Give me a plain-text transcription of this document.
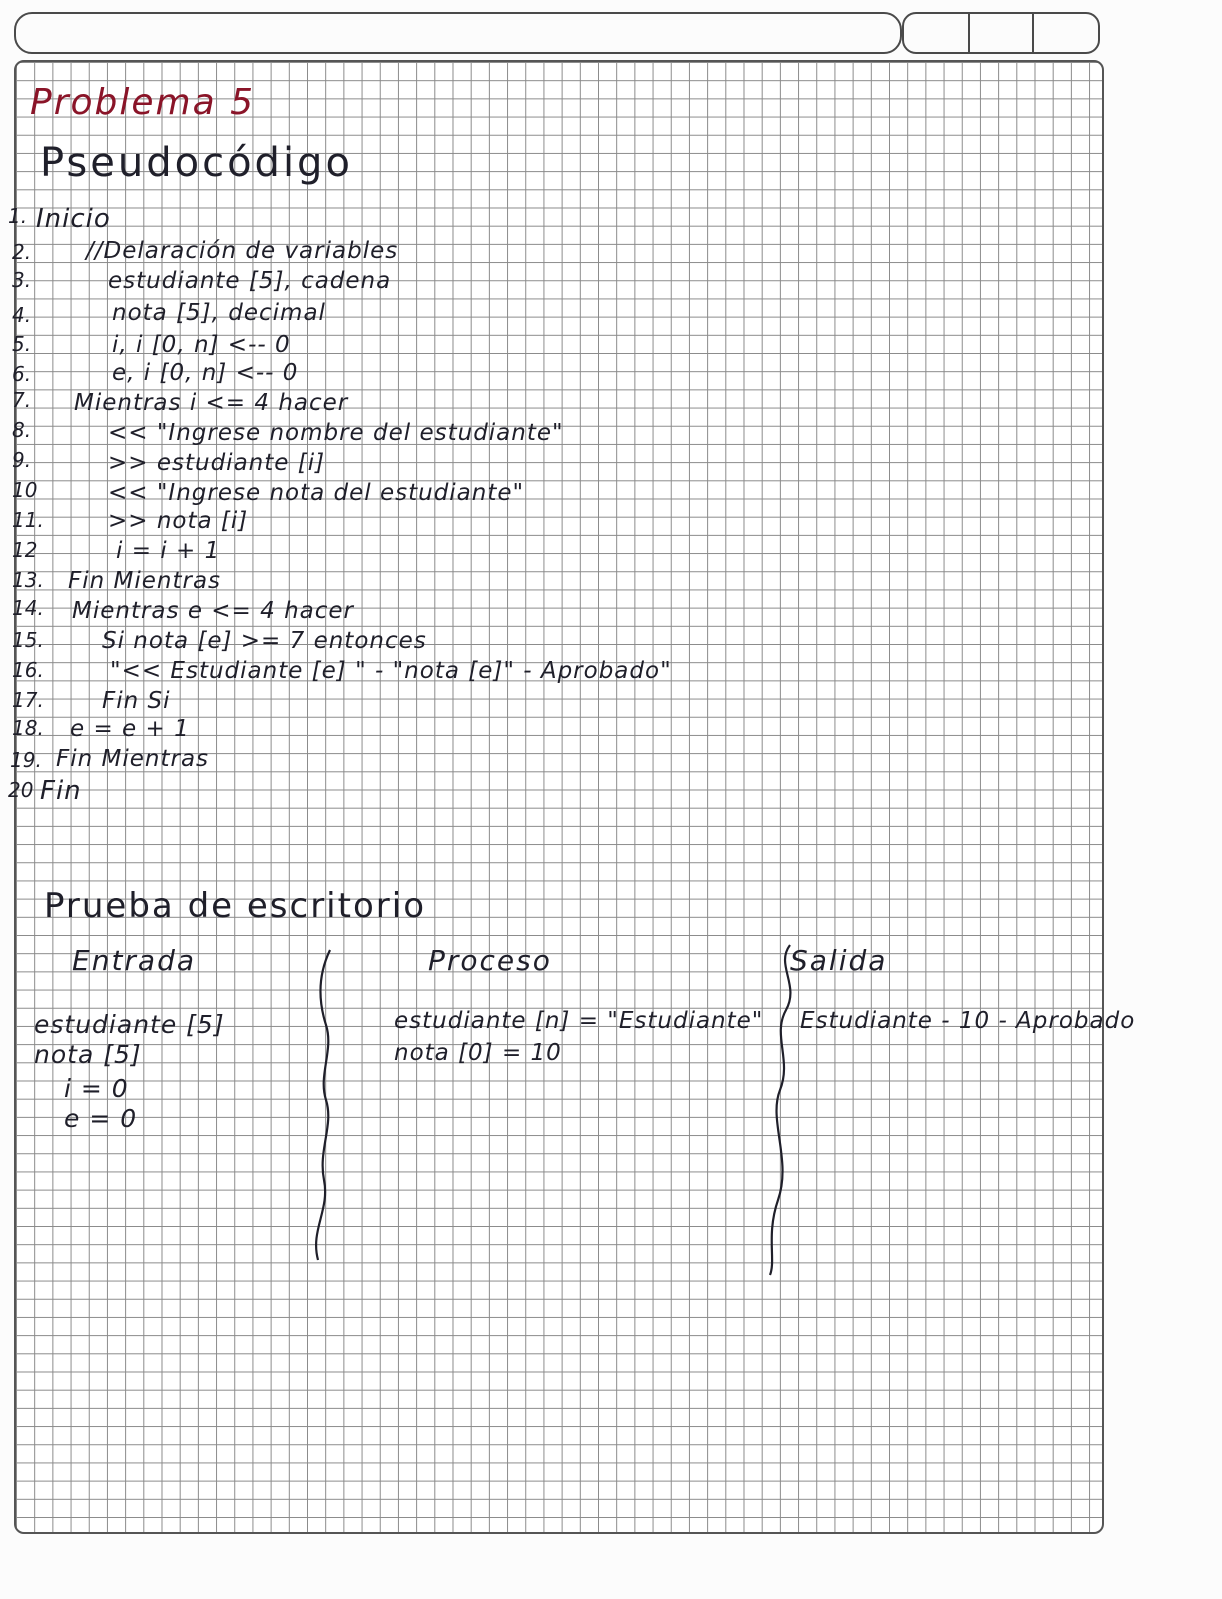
Problema 5
Pseudocódigo
1.
2.
3.
4.
5.
6.
7.
8.
9.
10
11.
12
13.
14.
15.
16.
17.
18.
19.
20
Inicio
//Delaración de variables
estudiante [5], cadena
nota [5], decimal
i, i [0, n] <-- 0
e, i [0, n] <-- 0
Mientras i <= 4 hacer
<< "Ingrese nombre del estudiante"
>> estudiante [i]
<< "Ingrese nota del estudiante"
>> nota [i]
i = i + 1
Fin Mientras
Mientras e <= 4 hacer
Si nota [e] >= 7 entonces
"<< Estudiante [e] " - "nota [e]" - Aprobado"
Fin Si
e = e + 1
Fin Mientras
Fin
Prueba de escritorio
Entrada	Proceso	Salida
estudiante [5]
nota [5]
i = 0
e = 0
estudiante [n] = "Estudiante"
nota [0] = 10
Estudiante - 10 - Aprobado
